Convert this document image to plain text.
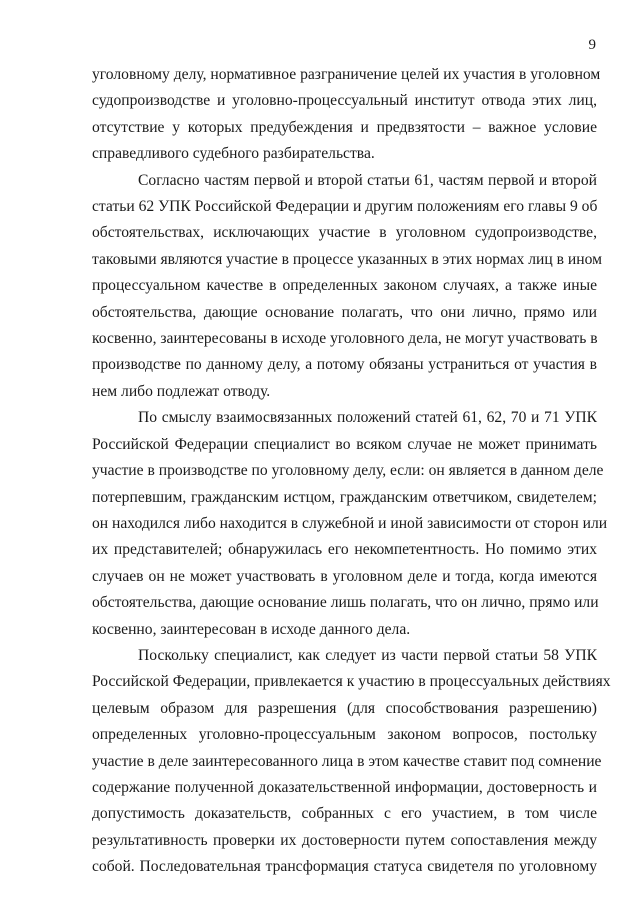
9
уголовному делу, нормативное разграничение целей их участия в уголовном
судопроизводстве и уголовно-процессуальный институт отвода этих лиц,
отсутствие у которых предубеждения и предвзятости – важное условие
справедливого судебного разбирательства.
Согласно частям первой и второй статьи 61, частям первой и второй
статьи 62 УПК Российской Федерации и другим положениям его главы 9 об
обстоятельствах, исключающих участие в уголовном судопроизводстве,
таковыми являются участие в процессе указанных в этих нормах лиц в ином
процессуальном качестве в определенных законом случаях, а также иные
обстоятельства, дающие основание полагать, что они лично, прямо или
косвенно, заинтересованы в исходе уголовного дела, не могут участвовать в
производстве по данному делу, а потому обязаны устраниться от участия в
нем либо подлежат отводу.
По смыслу взаимосвязанных положений статей 61, 62, 70 и 71 УПК
Российской Федерации специалист во всяком случае не может принимать
участие в производстве по уголовному делу, если: он является в данном деле
потерпевшим, гражданским истцом, гражданским ответчиком, свидетелем;
он находился либо находится в служебной и иной зависимости от сторон или
их представителей; обнаружилась его некомпетентность. Но помимо этих
случаев он не может участвовать в уголовном деле и тогда, когда имеются
обстоятельства, дающие основание лишь полагать, что он лично, прямо или
косвенно, заинтересован в исходе данного дела.
Поскольку специалист, как следует из части первой статьи 58 УПК
Российской Федерации, привлекается к участию в процессуальных действиях
целевым образом для разрешения (для способствования разрешению)
определенных уголовно-процессуальным законом вопросов, постольку
участие в деле заинтересованного лица в этом качестве ставит под сомнение
содержание полученной доказательственной информации, достоверность и
допустимость доказательств, собранных с его участием, в том числе
результативность проверки их достоверности путем сопоставления между
собой. Последовательная трансформация статуса свидетеля по уголовному
